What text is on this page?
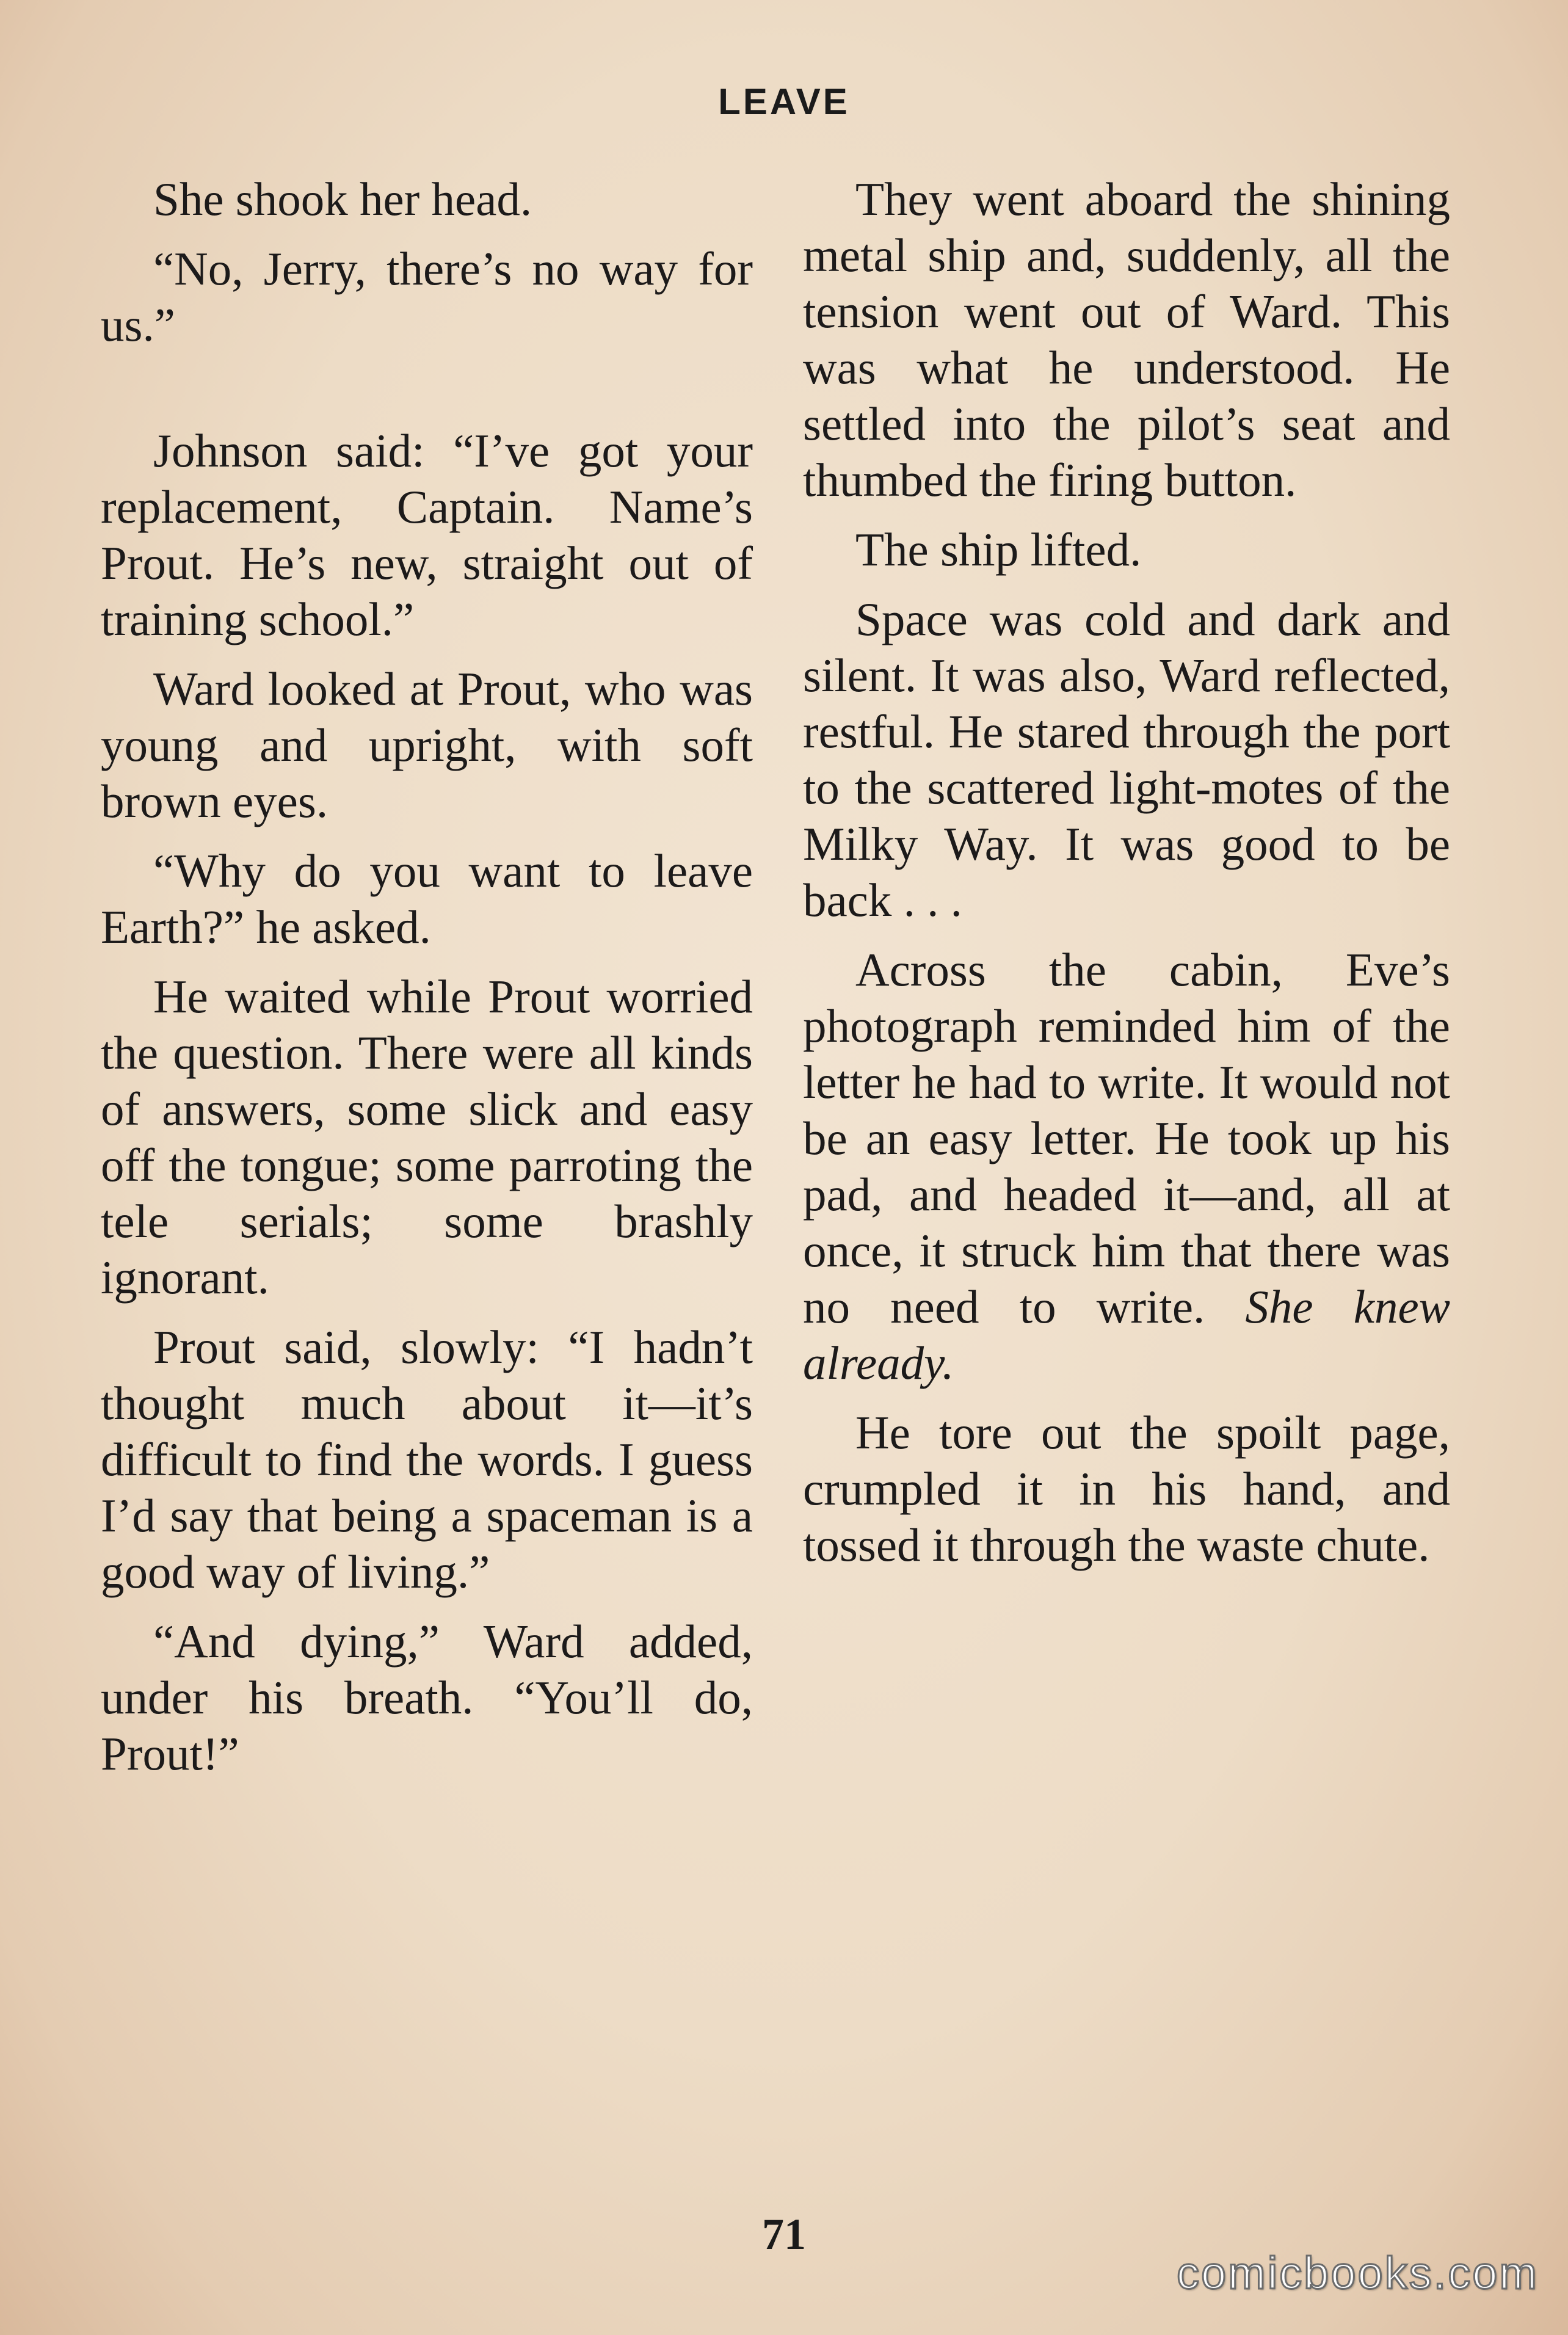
LEAVE

She shook her head.

“No, Jerry, there’s no way for us.”

Johnson said: “I’ve got your replacement, Captain. Name’s Prout. He’s new, straight out of training school.”

Ward looked at Prout, who was young and upright, with soft brown eyes.

“Why do you want to leave Earth?” he asked.

He waited while Prout worried the question. There were all kinds of answers, some slick and easy off the tongue; some parroting the tele serials; some brashly ignorant.

Prout said, slowly: “I hadn’t thought much about it—it’s difficult to find the words. I guess I’d say that being a spaceman is a good way of living.”

“And dying,” Ward added, under his breath. “You’ll do, Prout!”

They went aboard the shining metal ship and, suddenly, all the tension went out of Ward. This was what he understood. He settled into the pilot’s seat and thumbed the firing button.

The ship lifted.

Space was cold and dark and silent. It was also, Ward reflected, restful. He stared through the port to the scattered light-motes of the Milky Way. It was good to be back . . .

Across the cabin, Eve’s photograph reminded him of the letter he had to write. It would not be an easy letter. He took up his pad, and headed it—and, all at once, it struck him that there was no need to write. She knew already.

He tore out the spoilt page, crumpled it in his hand, and tossed it through the waste chute.

71
comicbooks.com
